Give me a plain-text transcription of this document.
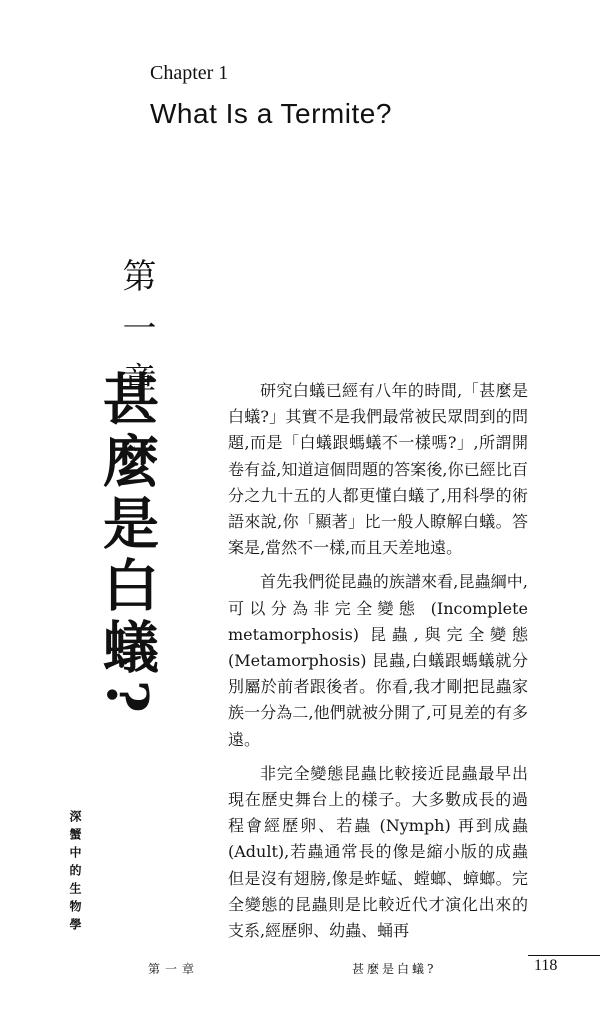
Chapter 1
What Is a Termite?
第一章
甚麼是白蟻?	研究白蟻已經有八年的時間,「甚麼是白蟻?」其實不是我們最常被民眾問到的問題,而是「白蟻跟螞蟻不一樣嗎?」,所謂開卷有益,知道這個問題的答案後,你已經比百分之九十五的人都更懂白蟻了,用科學的術語來說,你「顯著」比一般人瞭解白蟻。答案是,當然不一樣,而且天差地遠。

首先我們從昆蟲的族譜來看,昆蟲綱中,可以分為非完全變態 (Incomplete metamorphosis) 昆蟲,與完全變態 (Metamorphosis) 昆蟲,白蟻跟螞蟻就分別屬於前者跟後者。你看,我才剛把昆蟲家族一分為二,他們就被分開了,可見差的有多遠。

非完全變態昆蟲比較接近昆蟲最早出現在歷史舞台上的樣子。大多數成長的過程會經歷卵、若蟲 (Nymph) 再到成蟲 (Adult),若蟲通常長的像是縮小版的成蟲但是沒有翅膀,像是蚱蜢、螳螂、蟑螂。完全變態的昆蟲則是比較近代才演化出來的支系,經歷卵、幼蟲、蛹再

深蟹中的生物學
第一章	甚麼是白蟻?	118
